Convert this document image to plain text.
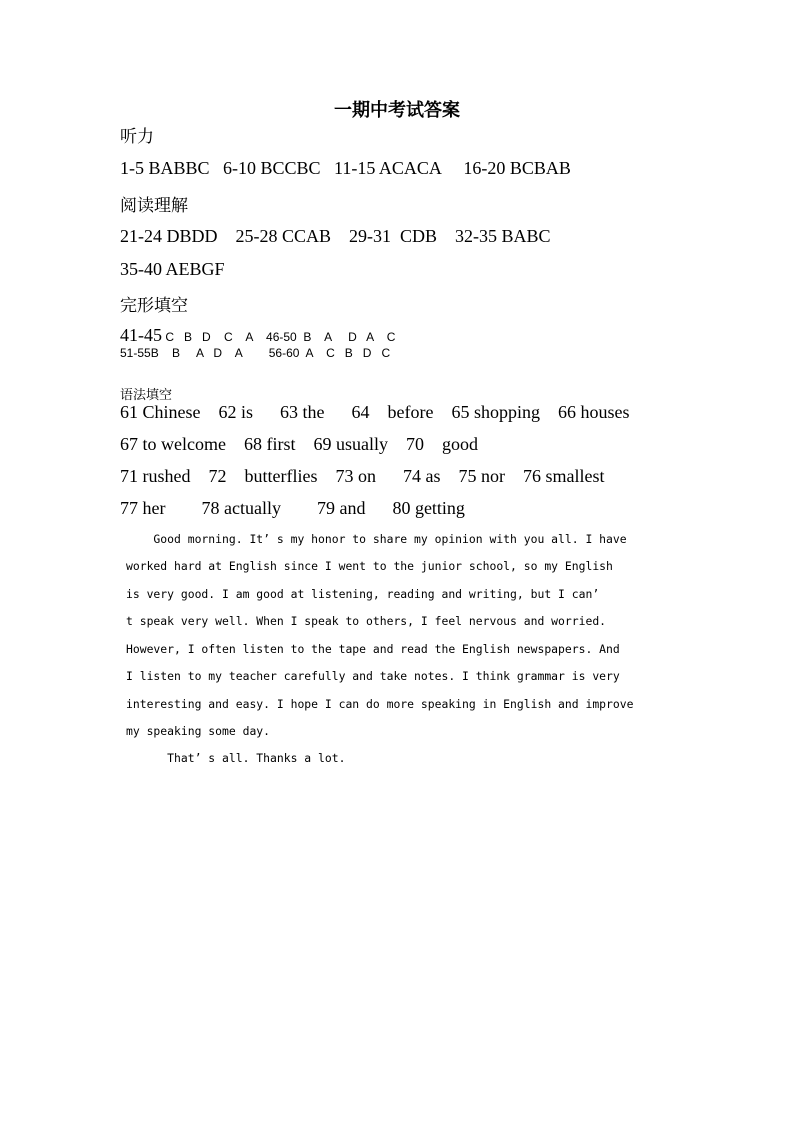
一期中考试答案
听力
1-5 BABBC   6-10 BCCBC   11-15 ACACA     16-20 BCBAB
阅读理解
21-24 DBDD    25-28 CCAB    29-31  CDB    32-35 BABC
35-40 AEBGF
完形填空
41-45 C   B   D    C    A    46-50  B    A     D   A    C
51-55B    B     A   D    A        56-60  A    C   B   D   C
语法填空
61 Chinese    62 is      63 the      64    before    65 shopping    66 houses
67 to welcome    68 first    69 usually    70    good
71 rushed    72    butterflies    73 on      74 as    75 nor    76 smallest
77 her        78 actually        79 and      80 getting
Good morning. It’ s my honor to share my opinion with you all. I have
worked hard at English since I went to the junior school, so my English
is very good. I am good at listening, reading and writing, but I can’
t speak very well. When I speak to others, I feel nervous and worried.
However, I often listen to the tape and read the English newspapers. And
I listen to my teacher carefully and take notes. I think grammar is very
interesting and easy. I hope I can do more speaking in English and improve
my speaking some day.
That’ s all. Thanks a lot.
